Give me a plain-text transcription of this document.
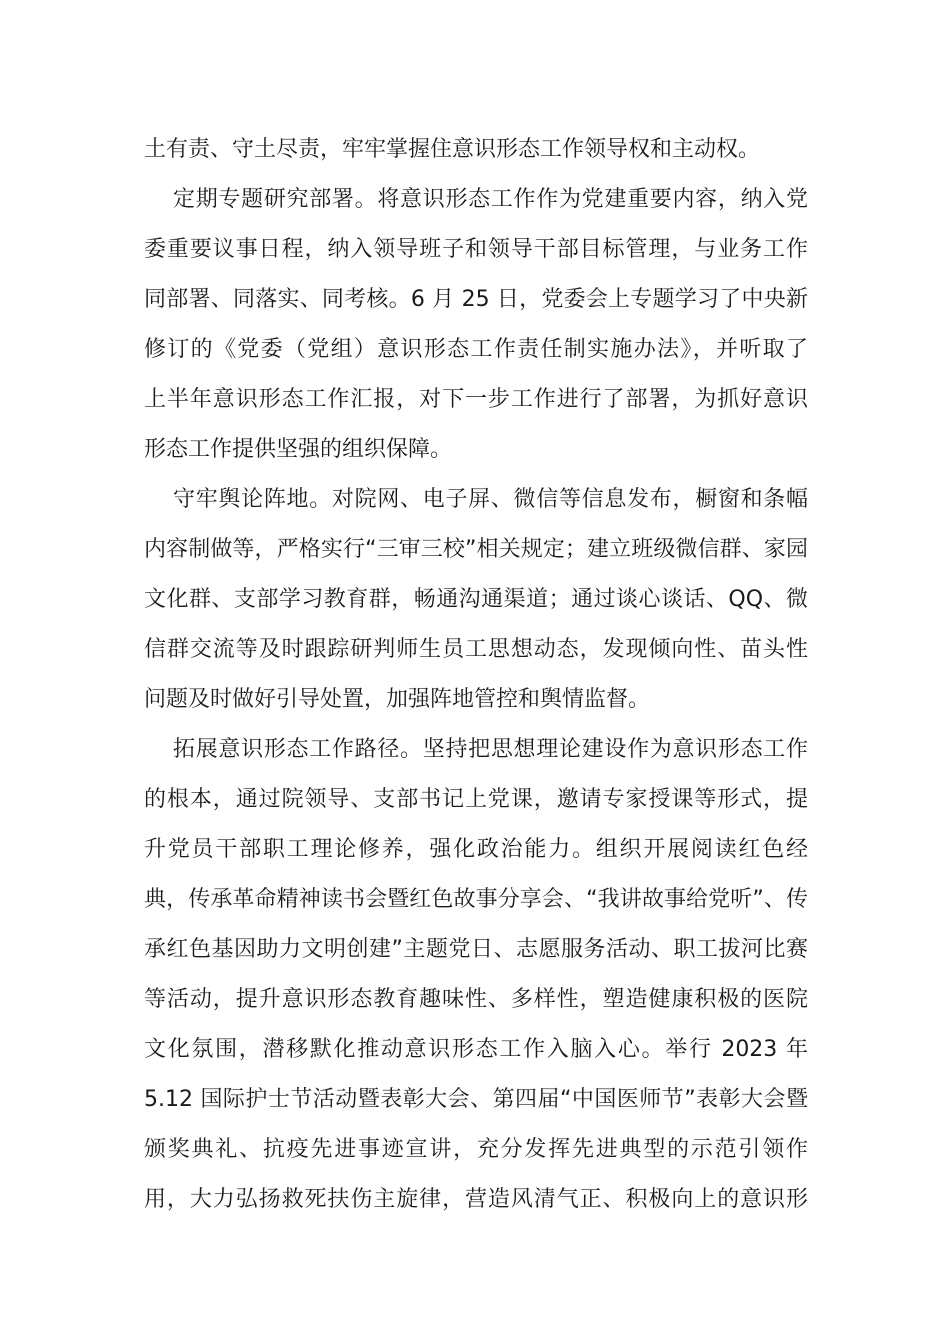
土有责、守土尽责，牢牢掌握住意识形态工作领导权和主动权。
定期专题研究部署。将意识形态工作作为党建重要内容，纳入党
委重要议事日程，纳入领导班子和领导干部目标管理，与业务工作
同部署、同落实、同考核。6 月 25 日，党委会上专题学习了中央新
修订的《党委（党组）意识形态工作责任制实施办法》，并听取了
上半年意识形态工作汇报，对下一步工作进行了部署，为抓好意识
形态工作提供坚强的组织保障。
守牢舆论阵地。对院网、电子屏、微信等信息发布，橱窗和条幅
内容制做等，严格实行“三审三校”相关规定；建立班级微信群、家园
文化群、支部学习教育群，畅通沟通渠道；通过谈心谈话、QQ、微
信群交流等及时跟踪研判师生员工思想动态，发现倾向性、苗头性
问题及时做好引导处置，加强阵地管控和舆情监督。
拓展意识形态工作路径。坚持把思想理论建设作为意识形态工作
的根本，通过院领导、支部书记上党课，邀请专家授课等形式，提
升党员干部职工理论修养，强化政治能力。组织开展阅读红色经
典，传承革命精神读书会暨红色故事分享会、“我讲故事给党听”、传
承红色基因助力文明创建”主题党日、志愿服务活动、职工拔河比赛
等活动，提升意识形态教育趣味性、多样性，塑造健康积极的医院
文化氛围，潜移默化推动意识形态工作入脑入心。举行 2023 年
5.12 国际护士节活动暨表彰大会、第四届“中国医师节”表彰大会暨
颁奖典礼、抗疫先进事迹宣讲，充分发挥先进典型的示范引领作
用，大力弘扬救死扶伤主旋律，营造风清气正、积极向上的意识形
